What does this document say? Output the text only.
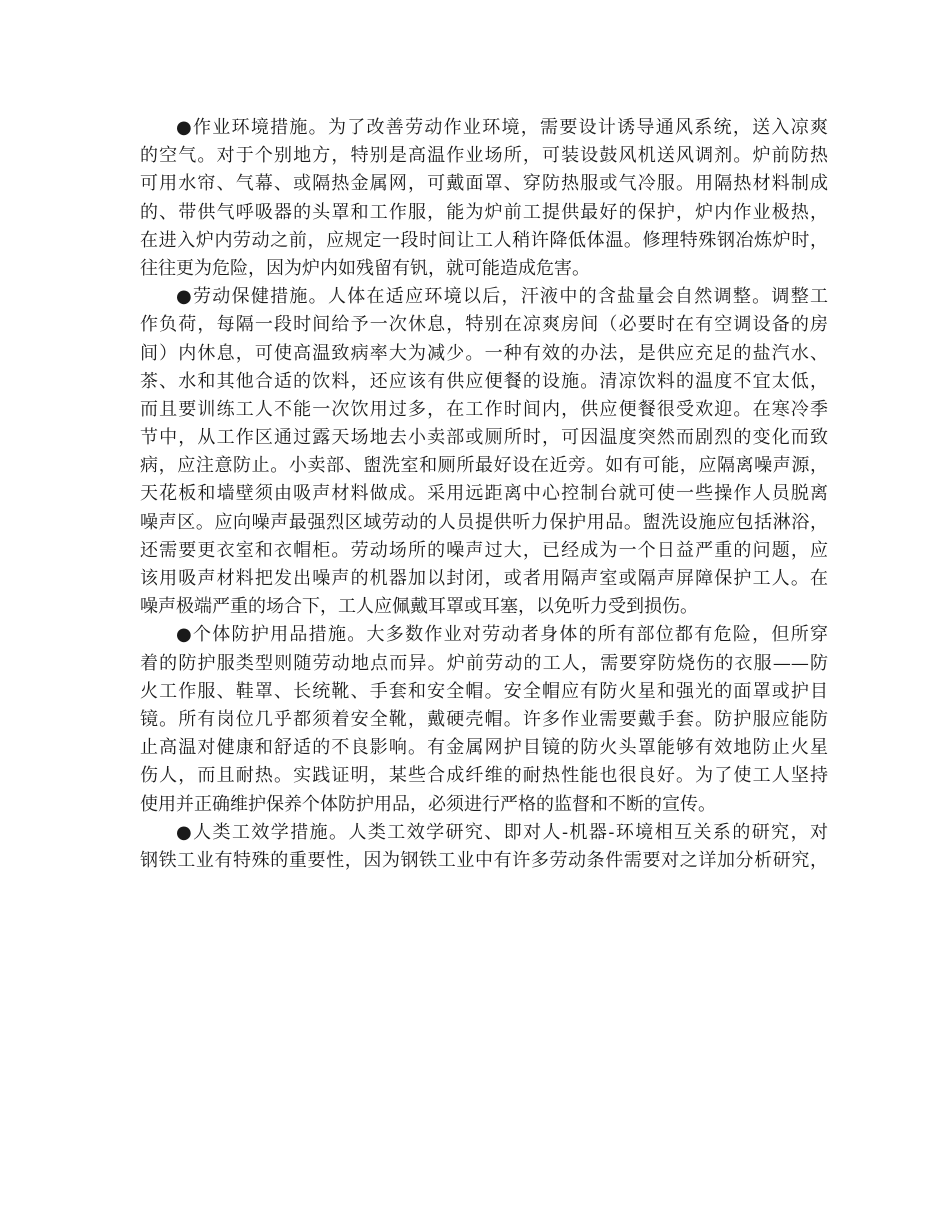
●作业环境措施。为了改善劳动作业环境，需要设计诱导通风系统，送入凉爽
的空气。对于个别地方，特别是高温作业场所，可装设鼓风机送风调剂。炉前防热
可用水帘、气幕、或隔热金属网，可戴面罩、穿防热服或气冷服。用隔热材料制成
的、带供气呼吸器的头罩和工作服，能为炉前工提供最好的保护，炉内作业极热，
在进入炉内劳动之前，应规定一段时间让工人稍许降低体温。修理特殊钢冶炼炉时，
往往更为危险，因为炉内如残留有钒，就可能造成危害。
●劳动保健措施。人体在适应环境以后，汗液中的含盐量会自然调整。调整工
作负荷，每隔一段时间给予一次休息，特别在凉爽房间（必要时在有空调设备的房
间）内休息，可使高温致病率大为减少。一种有效的办法，是供应充足的盐汽水、
茶、水和其他合适的饮料，还应该有供应便餐的设施。清凉饮料的温度不宜太低，
而且要训练工人不能一次饮用过多，在工作时间内，供应便餐很受欢迎。在寒冷季
节中，从工作区通过露天场地去小卖部或厕所时，可因温度突然而剧烈的变化而致
病，应注意防止。小卖部、盥洗室和厕所最好设在近旁。如有可能，应隔离噪声源，
天花板和墙壁须由吸声材料做成。采用远距离中心控制台就可使一些操作人员脱离
噪声区。应向噪声最强烈区域劳动的人员提供听力保护用品。盥洗设施应包括淋浴，
还需要更衣室和衣帽柜。劳动场所的噪声过大，已经成为一个日益严重的问题，应
该用吸声材料把发出噪声的机器加以封闭，或者用隔声室或隔声屏障保护工人。在
噪声极端严重的场合下，工人应佩戴耳罩或耳塞，以免听力受到损伤。
●个体防护用品措施。大多数作业对劳动者身体的所有部位都有危险，但所穿
着的防护服类型则随劳动地点而异。炉前劳动的工人，需要穿防烧伤的衣服——防
火工作服、鞋罩、长统靴、手套和安全帽。安全帽应有防火星和强光的面罩或护目
镜。所有岗位几乎都须着安全靴，戴硬壳帽。许多作业需要戴手套。防护服应能防
止高温对健康和舒适的不良影响。有金属网护目镜的防火头罩能够有效地防止火星
伤人，而且耐热。实践证明，某些合成纤维的耐热性能也很良好。为了使工人坚持
使用并正确维护保养个体防护用品，必须进行严格的监督和不断的宣传。
●人类工效学措施。人类工效学研究、即对人-机器-环境相互关系的研究，对
钢铁工业有特殊的重要性，因为钢铁工业中有许多劳动条件需要对之详加分析研究，
